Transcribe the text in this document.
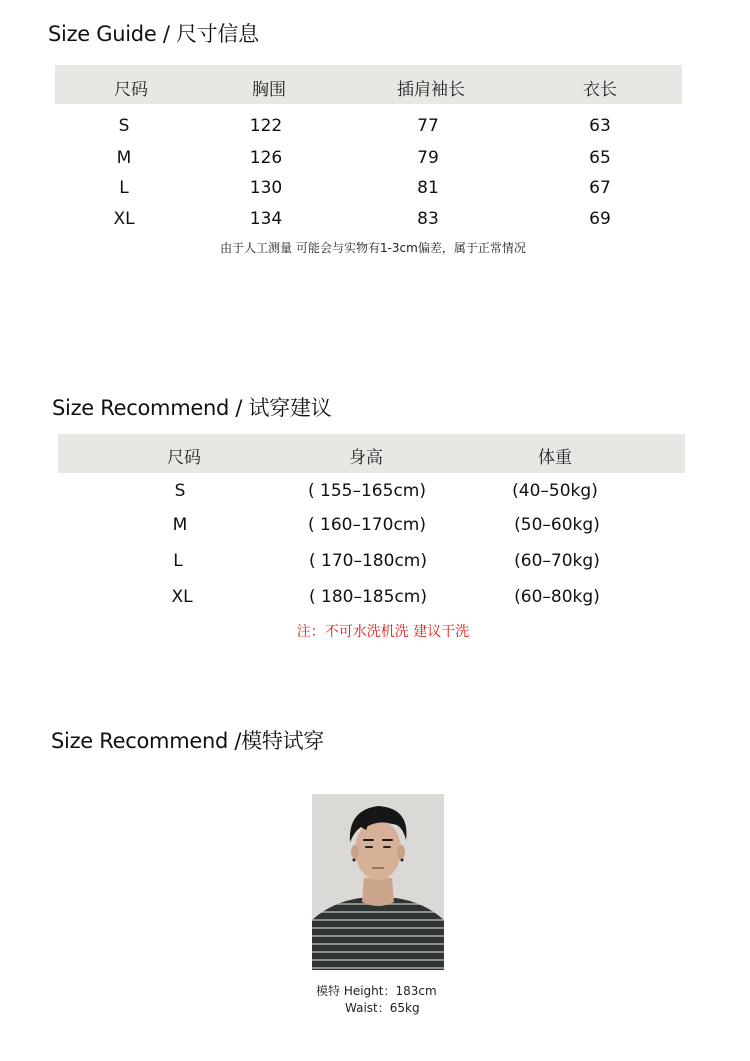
Size Guide / 尺寸信息
尺码	胸围	插肩袖长	衣长
S	122	77	63
M	126	79	65
L	130	81	67
XL	134	83	69
由于人工测量 可能会与实物有1-3cm偏差，属于正常情况
Size Recommend / 试穿建议
尺码	身高	体重
S	( 155–165cm)	(40–50kg)
M	( 160–170cm)	(50–60kg)
L	( 170–180cm)	(60–70kg)
XL	( 180–185cm)	(60–80kg)
注：不可水洗机洗 建议干洗
Size Recommend /模特试穿
模特 Height：183cm
Waist：65kg
